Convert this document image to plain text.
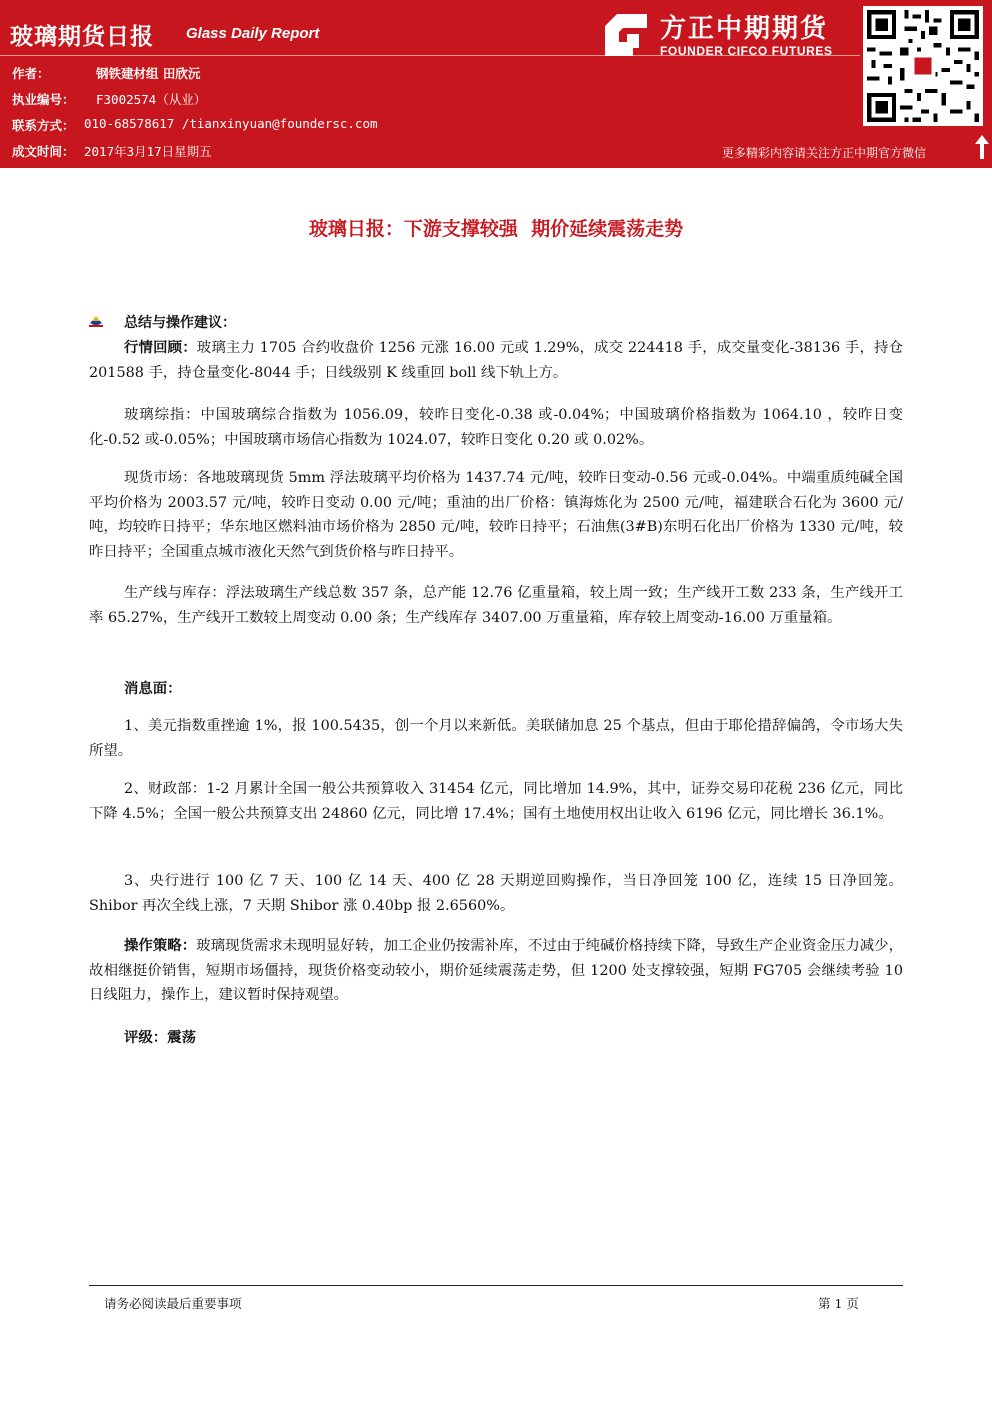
玻璃期货日报 Glass Daily Report
作者：	钢铁建材组 田欣沅
执业编号： F3002574（从业）
联系方式： 010-68578617 /tianxinyuan@foundersc.com
成文时间： 2017年3月17日星期五
方正中期期货
FOUNDER CIFCO FUTURES
更多精彩内容请关注方正中期官方微信
玻璃日报：下游支撑较强  期价延续震荡走势
总结与操作建议：
行情回顾：玻璃主力 1705 合约收盘价 1256 元涨 16.00 元或 1.29%，成交 224418 手，成交量变化-38136 手，持仓 201588 手，持仓量变化-8044 手；日线级别 K 线重回 boll 线下轨上方。
玻璃综指：中国玻璃综合指数为 1056.09，较昨日变化-0.38 或-0.04%；中国玻璃价格指数为 1064.10 ，较昨日变化-0.52 或-0.05%；中国玻璃市场信心指数为 1024.07，较昨日变化 0.20 或 0.02%。
现货市场：各地玻璃现货 5mm 浮法玻璃平均价格为 1437.74 元/吨，较昨日变动-0.56 元或-0.04%。中端重质纯碱全国平均价格为 2003.57 元/吨，较昨日变动 0.00 元/吨；重油的出厂价格：镇海炼化为 2500 元/吨，福建联合石化为 3600 元/吨，均较昨日持平；华东地区燃料油市场价格为 2850 元/吨，较昨日持平；石油焦(3#B)东明石化出厂价格为 1330 元/吨，较昨日持平；全国重点城市液化天然气到货价格与昨日持平。
生产线与库存：浮法玻璃生产线总数 357 条，总产能 12.76 亿重量箱，较上周一致；生产线开工数 233 条，生产线开工率 65.27%，生产线开工数较上周变动 0.00 条；生产线库存 3407.00 万重量箱，库存较上周变动-16.00 万重量箱。
消息面：
1、美元指数重挫逾 1%，报 100.5435，创一个月以来新低。美联储加息 25 个基点，但由于耶伦措辞偏鸽，令市场大失所望。
2、财政部：1-2 月累计全国一般公共预算收入 31454 亿元，同比增加 14.9%，其中，证券交易印花税 236 亿元，同比下降 4.5%；全国一般公共预算支出 24860 亿元，同比增 17.4%；国有土地使用权出让收入 6196 亿元，同比增长 36.1%。
3、央行进行 100 亿 7 天、100 亿 14 天、400 亿 28 天期逆回购操作，当日净回笼 100 亿，连续 15 日净回笼。Shibor 再次全线上涨，7 天期 Shibor 涨 0.40bp 报 2.6560%。
操作策略：玻璃现货需求未现明显好转，加工企业仍按需补库，不过由于纯碱价格持续下降，导致生产企业资金压力减少，故相继挺价销售，短期市场僵持，现货价格变动较小，期价延续震荡走势，但 1200 处支撑较强，短期 FG705 会继续考验 10 日线阻力，操作上，建议暂时保持观望。
评级：震荡
请务必阅读最后重要事项	第 1 页
